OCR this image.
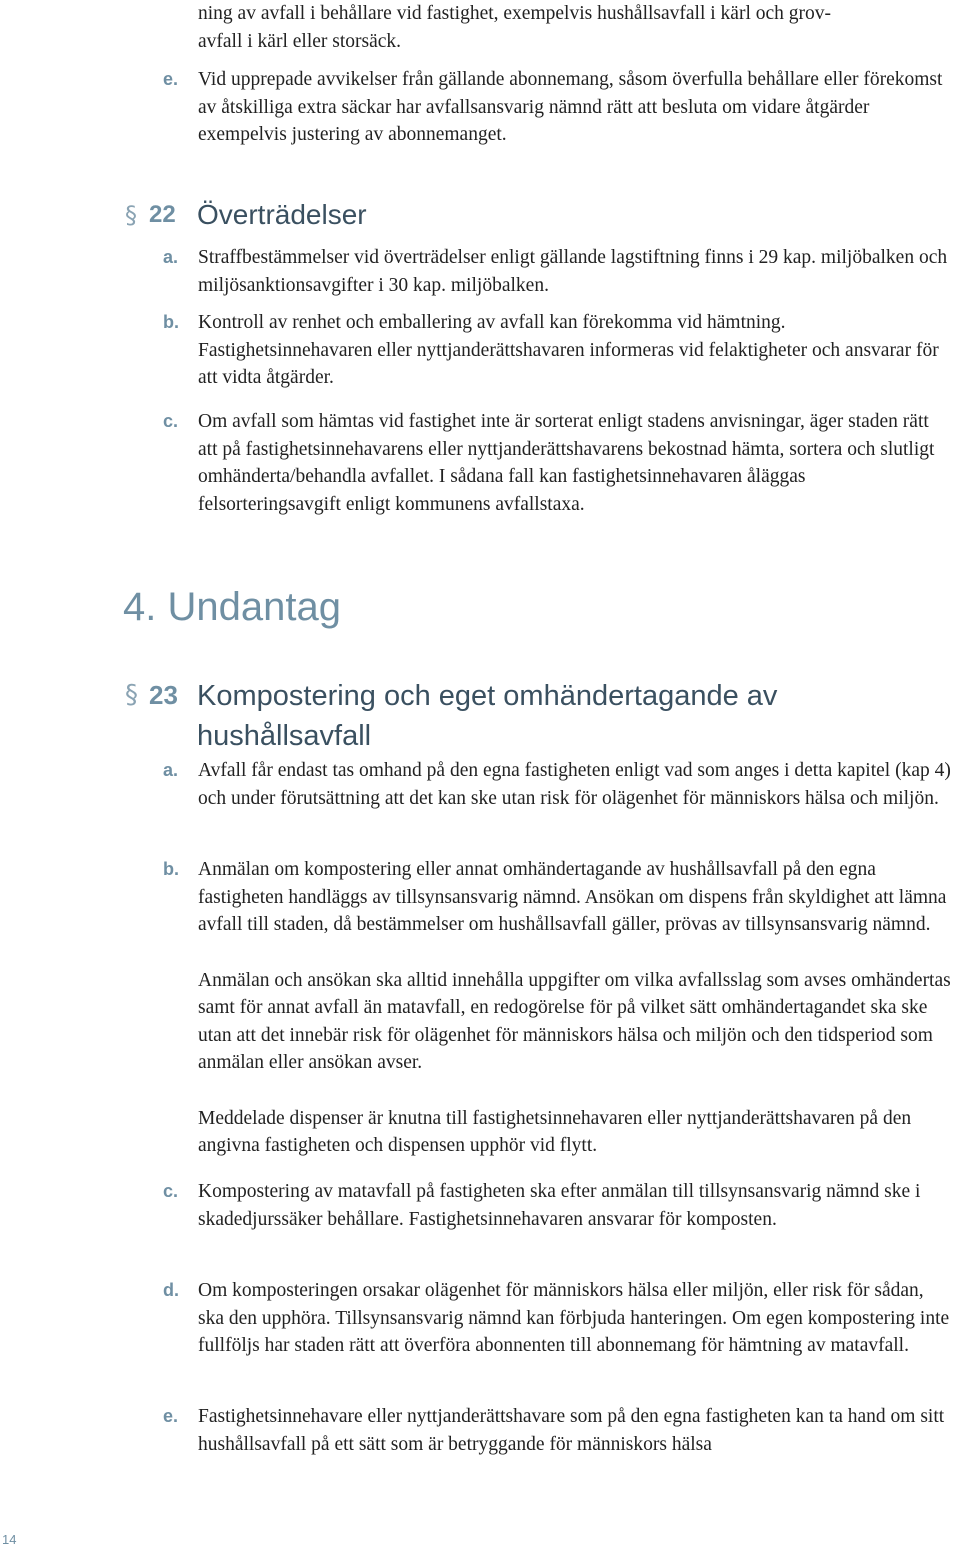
ning av avfall i behållare vid fastighet, exempelvis hushållsavfall i kärl och grov-
avfall i kärl eller storsäck.
e. Vid upprepade avvikelser från gällande abonnemang, såsom överfulla behållare eller förekomst av åtskilliga extra säckar har avfallsansvarig nämnd rätt att besluta om vidare åtgärder exempelvis justering av abonnemanget.

§ 22 Överträdelser
a. Straffbestämmelser vid överträdelser enligt gällande lagstiftning finns i 29 kap. miljöbalken och miljösanktionsavgifter i 30 kap. miljöbalken.

b. Kontroll av renhet och emballering av avfall kan förekomma vid hämtning. Fastighetsinnehavaren eller nyttjanderättshavaren informeras vid felaktigheter och ansvarar för att vidta åtgärder.

c. Om avfall som hämtas vid fastighet inte är sorterat enligt stadens anvisningar, äger staden rätt att på fastighetsinnehavarens eller nyttjanderättshavarens bekostnad hämta, sortera och slutligt omhänderta/behandla avfallet. I sådana fall kan fastighetsinnehavaren åläggas felsorteringsavgift enligt kommunens avfallstaxa.

4. Undantag
§ 23 Kompostering och eget omhändertagande av
hushållsavfall
a. Avfall får endast tas omhand på den egna fastigheten enligt vad som anges i detta kapitel (kap 4) och under förutsättning att det kan ske utan risk för olägenhet för människors hälsa och miljön.

b. Anmälan om kompostering eller annat omhändertagande av hushållsavfall på den egna fastigheten handläggs av tillsynsansvarig nämnd. Ansökan om dispens från skyldighet att lämna avfall till staden, då bestämmelser om hushållsavfall gäller, prövas av tillsynsansvarig nämnd.

Anmälan och ansökan ska alltid innehålla uppgifter om vilka avfallsslag som avses omhändertas samt för annat avfall än matavfall, en redogörelse för på vilket sätt omhändertagandet ska ske utan att det innebär risk för olägenhet för människors hälsa och miljön och den tidsperiod som anmälan eller ansökan avser.

Meddelade dispenser är knutna till fastighetsinnehavaren eller nyttjanderättshavaren på den angivna fastigheten och dispensen upphör vid flytt.

c. Kompostering av matavfall på fastigheten ska efter anmälan till tillsynsansvarig nämnd ske i skadedjurssäker behållare. Fastighetsinnehavaren ansvarar för komposten.

d. Om komposteringen orsakar olägenhet för människors hälsa eller miljön, eller risk för sådan, ska den upphöra. Tillsynsansvarig nämnd kan förbjuda hanteringen. Om egen kompostering inte fullföljs har staden rätt att överföra abonnenten till abonnemang för hämtning av matavfall.

e. Fastighetsinnehavare eller nyttjanderättshavare som på den egna fastigheten kan ta hand om sitt hushållsavfall på ett sätt som är betryggande för människors hälsa

14
